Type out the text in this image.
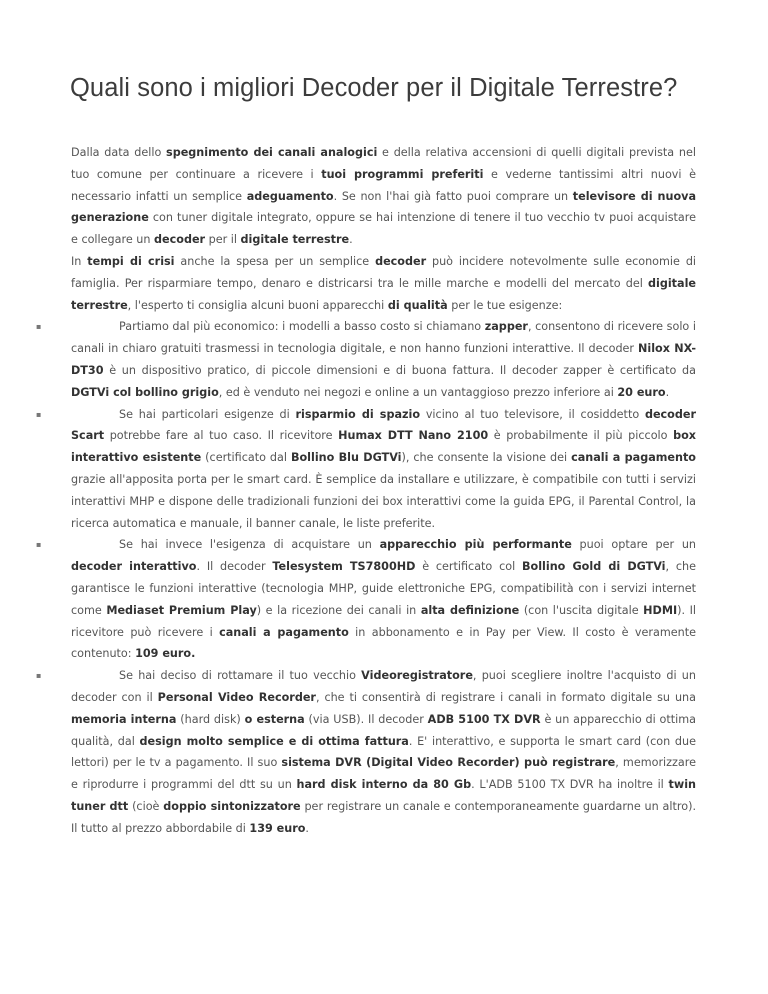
Quali sono i migliori Decoder per il Digitale Terrestre?

Dalla data dello spegnimento dei canali analogici e della relativa accensioni di quelli digitali prevista nel tuo comune per continuare a ricevere i tuoi programmi preferiti e vederne tantissimi altri nuovi è necessario infatti un semplice adeguamento. Se non l'hai già fatto puoi comprare un televisore di nuova generazione con tuner digitale integrato, oppure se hai intenzione di tenere il tuo vecchio tv puoi acquistare e collegare un decoder per il digitale terrestre.

In tempi di crisi anche la spesa per un semplice decoder può incidere notevolmente sulle economie di famiglia. Per risparmiare tempo, denaro e districarsi tra le mille marche e modelli del mercato del digitale terrestre, l'esperto ti consiglia alcuni buoni apparecchi di qualità per le tue esigenze:

▪	Partiamo dal più economico: i modelli a basso costo si chiamano zapper, consentono di ricevere solo i canali in chiaro gratuiti trasmessi in tecnologia digitale, e non hanno funzioni interattive. Il decoder Nilox NX-DT30 è un dispositivo pratico, di piccole dimensioni e di buona fattura. Il decoder zapper è certificato da DGTVi col bollino grigio, ed è venduto nei negozi e online a un vantaggioso prezzo inferiore ai 20 euro.
▪	Se hai particolari esigenze di risparmio di spazio vicino al tuo televisore, il cosiddetto decoder Scart potrebbe fare al tuo caso. Il ricevitore Humax DTT Nano 2100 è probabilmente il più piccolo box interattivo esistente (certificato dal Bollino Blu DGTVi), che consente la visione dei canali a pagamento grazie all'apposita porta per le smart card. È semplice da installare e utilizzare, è compatibile con tutti i servizi interattivi MHP e dispone delle tradizionali funzioni dei box interattivi come la guida EPG, il Parental Control, la ricerca automatica e manuale, il banner canale, le liste preferite.
▪	Se hai invece l'esigenza di acquistare un apparecchio più performante puoi optare per un decoder interattivo. Il decoder Telesystem TS7800HD è certificato col Bollino Gold di DGTVi, che garantisce le funzioni interattive (tecnologia MHP, guide elettroniche EPG, compatibilità con i servizi internet come Mediaset Premium Play) e la ricezione dei canali in alta definizione (con l'uscita digitale HDMI). Il ricevitore può ricevere i canali a pagamento in abbonamento e in Pay per View. Il costo è veramente contenuto: 109 euro.
▪	Se hai deciso di rottamare il tuo vecchio Videoregistratore, puoi scegliere inoltre l'acquisto di un decoder con il Personal Video Recorder, che ti consentirà di registrare i canali in formato digitale su una memoria interna (hard disk) o esterna (via USB). Il decoder ADB 5100 TX DVR è un apparecchio di ottima qualità, dal design molto semplice e di ottima fattura. E' interattivo, e supporta le smart card (con due lettori) per le tv a pagamento. Il suo sistema DVR (Digital Video Recorder) può registrare, memorizzare e riprodurre i programmi del dtt su un hard disk interno da 80 Gb. L'ADB 5100 TX DVR ha inoltre il twin tuner dtt (cioè doppio sintonizzatore per registrare un canale e contemporaneamente guardarne un altro). Il tutto al prezzo abbordabile di 139 euro.
